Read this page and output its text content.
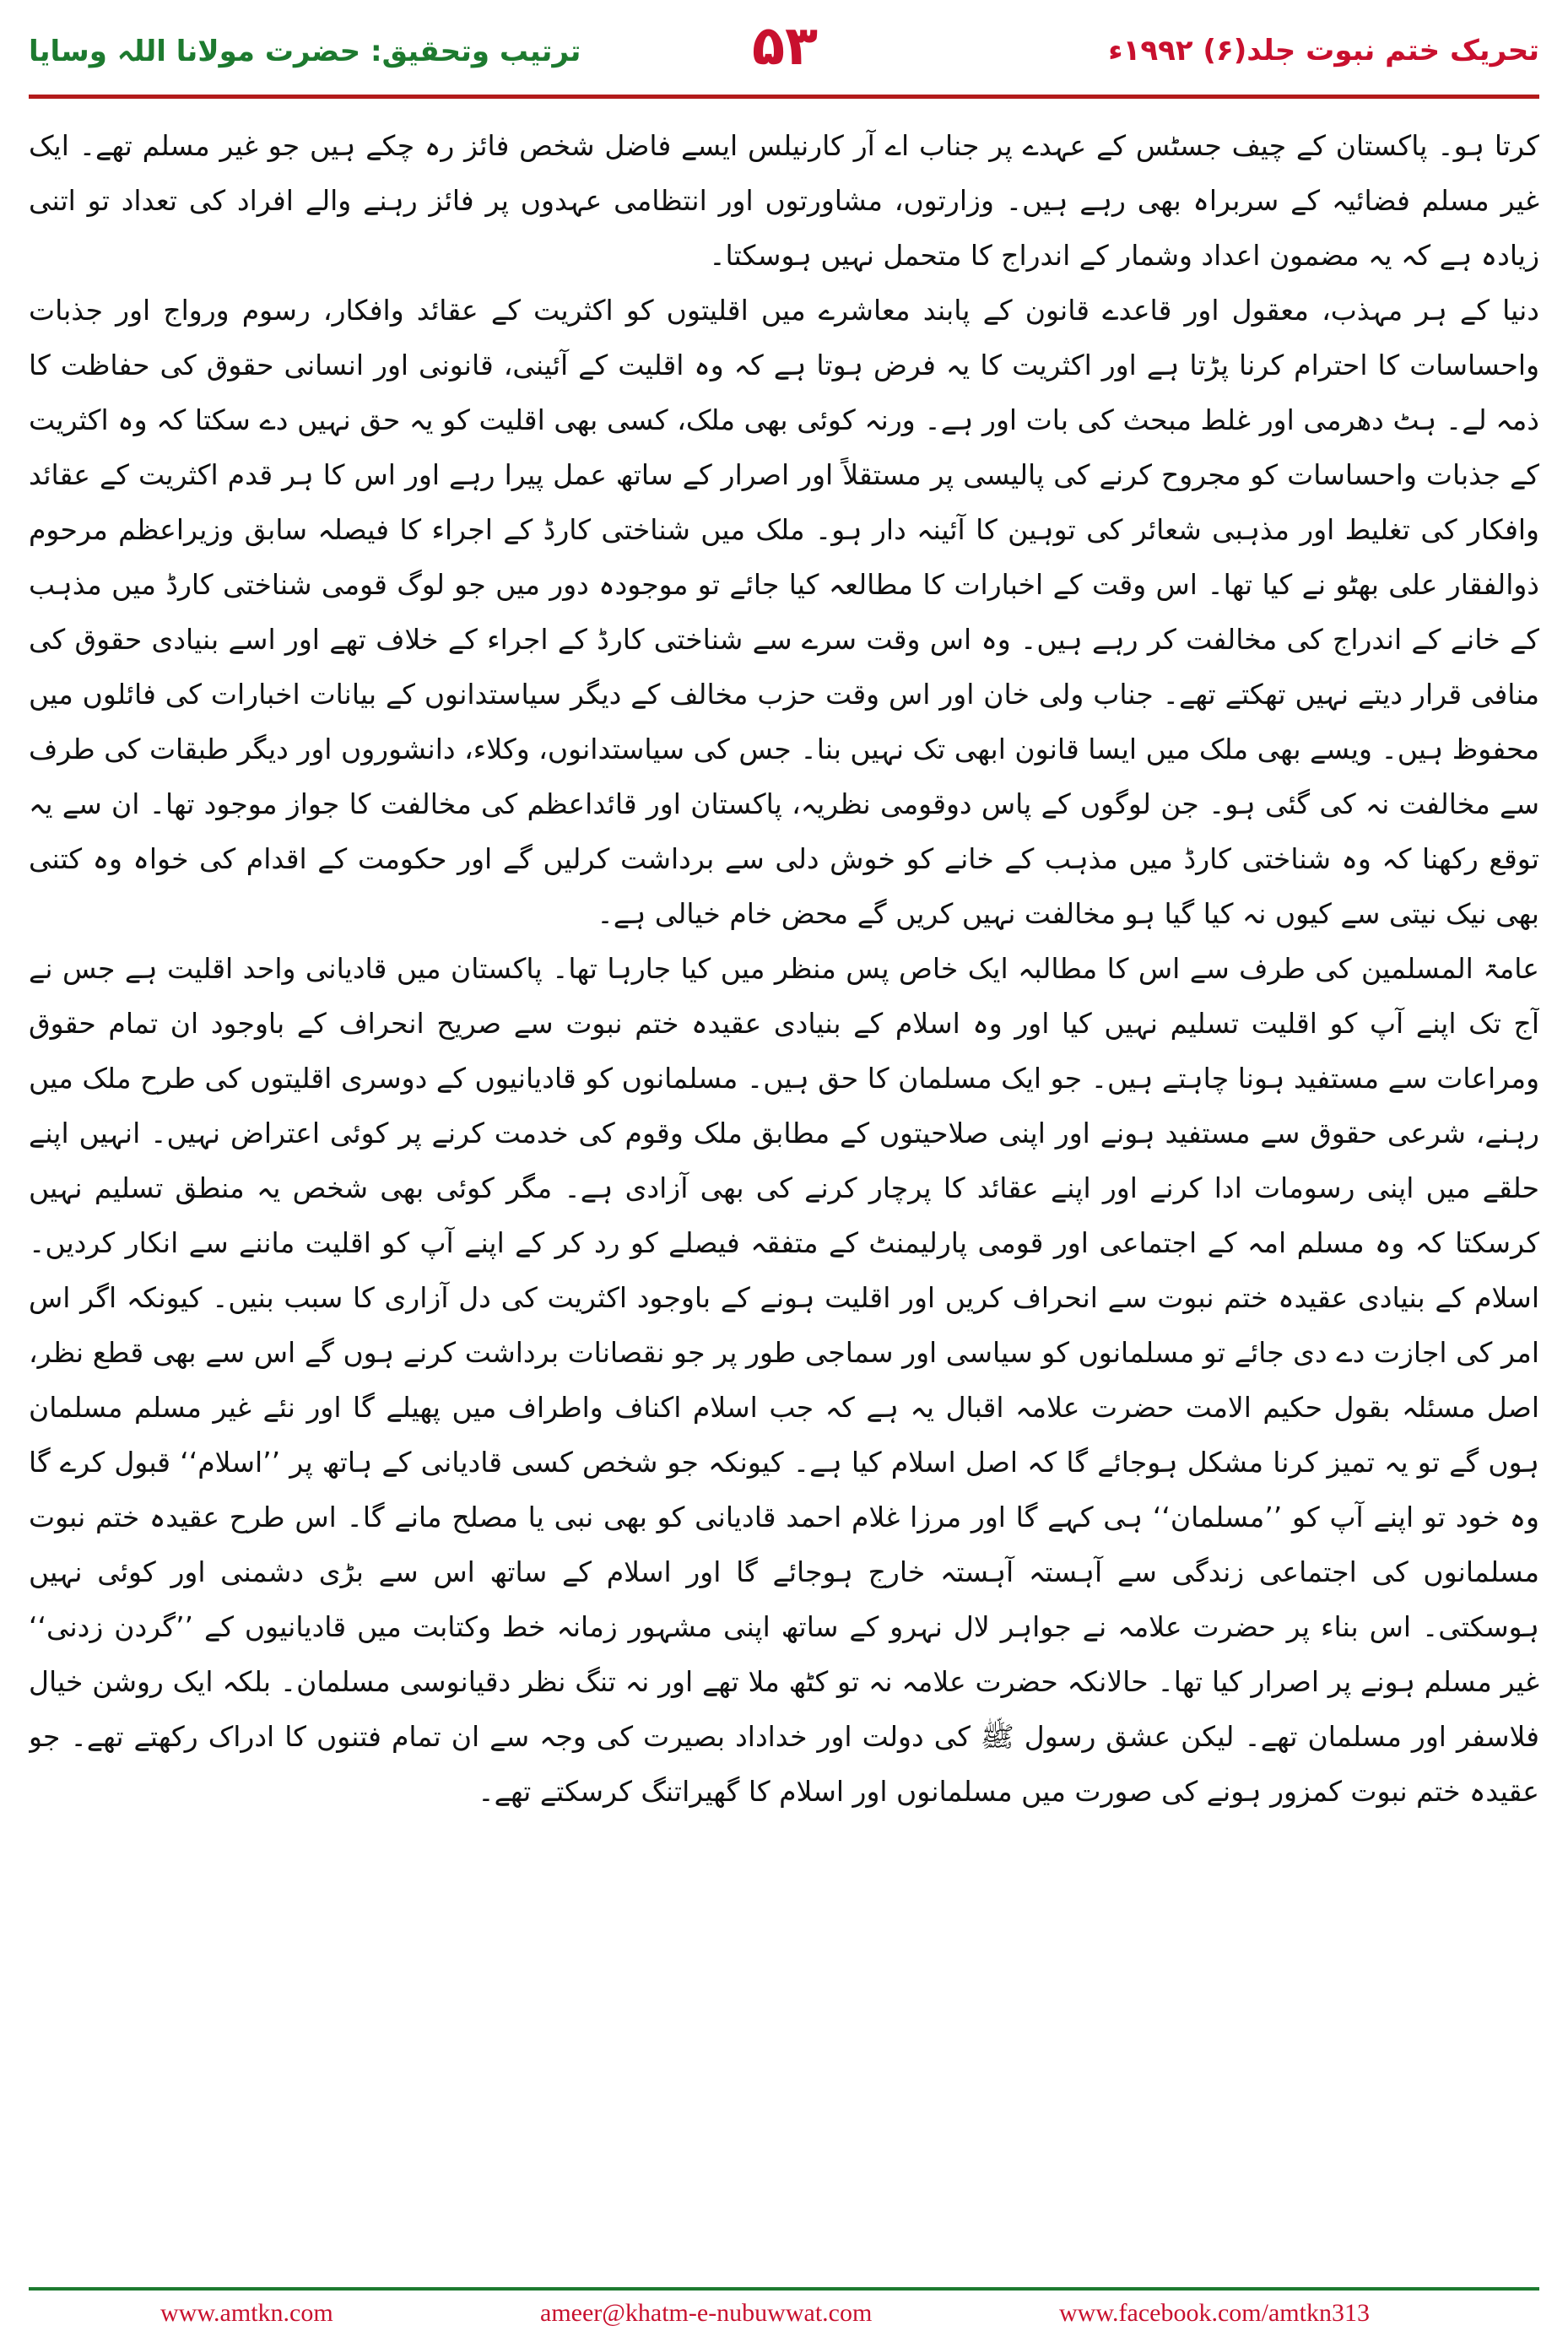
ترتیب وتحقیق: حضرت مولانا اللہ وسایا	۵۳	تحریک ختم نبوت جلد(۶) ۱۹۹۲ء

کرتا ہو۔ پاکستان کے چیف جسٹس کے عہدے پر جناب اے آر کارنیلس ایسے فاضل شخص فائز رہ چکے ہیں جو غیر مسلم تھے۔ ایک غیر مسلم فضائیہ کے سربراہ بھی رہے ہیں۔ وزارتوں، مشاورتوں اور انتظامی عہدوں پر فائز رہنے والے افراد کی تعداد تو اتنی زیادہ ہے کہ یہ مضمون اعداد وشمار کے اندراج کا متحمل نہیں ہوسکتا۔

دنیا کے ہر مہذب، معقول اور قاعدے قانون کے پابند معاشرے میں اقلیتوں کو اکثریت کے عقائد وافکار، رسوم ورواج اور جذبات واحساسات کا احترام کرنا پڑتا ہے اور اکثریت کا یہ فرض ہوتا ہے کہ وہ اقلیت کے آئینی، قانونی اور انسانی حقوق کی حفاظت کا ذمہ لے۔ ہٹ دھرمی اور غلط مبحث کی بات اور ہے۔ ورنہ کوئی بھی ملک، کسی بھی اقلیت کو یہ حق نہیں دے سکتا کہ وہ اکثریت کے جذبات واحساسات کو مجروح کرنے کی پالیسی پر مستقلاً اور اصرار کے ساتھ عمل پیرا رہے اور اس کا ہر قدم اکثریت کے عقائد وافکار کی تغلیط اور مذہبی شعائر کی توہین کا آئینہ دار ہو۔ ملک میں شناختی کارڈ کے اجراء کا فیصلہ سابق وزیراعظم مرحوم ذوالفقار علی بھٹو نے کیا تھا۔ اس وقت کے اخبارات کا مطالعہ کیا جائے تو موجودہ دور میں جو لوگ قومی شناختی کارڈ میں مذہب کے خانے کے اندراج کی مخالفت کر رہے ہیں۔ وہ اس وقت سرے سے شناختی کارڈ کے اجراء کے خلاف تھے اور اسے بنیادی حقوق کی منافی قرار دیتے نہیں تھکتے تھے۔ جناب ولی خان اور اس وقت حزب مخالف کے دیگر سیاستدانوں کے بیانات اخبارات کی فائلوں میں محفوظ ہیں۔ ویسے بھی ملک میں ایسا قانون ابھی تک نہیں بنا۔ جس کی سیاستدانوں، وکلاء، دانشوروں اور دیگر طبقات کی طرف سے مخالفت نہ کی گئی ہو۔ جن لوگوں کے پاس دوقومی نظریہ، پاکستان اور قائداعظم کی مخالفت کا جواز موجود تھا۔ ان سے یہ توقع رکھنا کہ وہ شناختی کارڈ میں مذہب کے خانے کو خوش دلی سے برداشت کرلیں گے اور حکومت کے اقدام کی خواہ وہ کتنی بھی نیک نیتی سے کیوں نہ کیا گیا ہو مخالفت نہیں کریں گے محض خام خیالی ہے۔

عامۃ المسلمین کی طرف سے اس کا مطالبہ ایک خاص پس منظر میں کیا جارہا تھا۔ پاکستان میں قادیانی واحد اقلیت ہے جس نے آج تک اپنے آپ کو اقلیت تسلیم نہیں کیا اور وہ اسلام کے بنیادی عقیدہ ختم نبوت سے صریح انحراف کے باوجود ان تمام حقوق ومراعات سے مستفید ہونا چاہتے ہیں۔ جو ایک مسلمان کا حق ہیں۔ مسلمانوں کو قادیانیوں کے دوسری اقلیتوں کی طرح ملک میں رہنے، شرعی حقوق سے مستفید ہونے اور اپنی صلاحیتوں کے مطابق ملک وقوم کی خدمت کرنے پر کوئی اعتراض نہیں۔ انہیں اپنے حلقے میں اپنی رسومات ادا کرنے اور اپنے عقائد کا پرچار کرنے کی بھی آزادی ہے۔ مگر کوئی بھی شخص یہ منطق تسلیم نہیں کرسکتا کہ وہ مسلم امہ کے اجتماعی اور قومی پارلیمنٹ کے متفقہ فیصلے کو رد کر کے اپنے آپ کو اقلیت ماننے سے انکار کردیں۔ اسلام کے بنیادی عقیدہ ختم نبوت سے انحراف کریں اور اقلیت ہونے کے باوجود اکثریت کی دل آزاری کا سبب بنیں۔ کیونکہ اگر اس امر کی اجازت دے دی جائے تو مسلمانوں کو سیاسی اور سماجی طور پر جو نقصانات برداشت کرنے ہوں گے اس سے بھی قطع نظر، اصل مسئلہ بقول حکیم الامت حضرت علامہ اقبال یہ ہے کہ جب اسلام اکناف واطراف میں پھیلے گا اور نئے غیر مسلم مسلمان ہوں گے تو یہ تمیز کرنا مشکل ہوجائے گا کہ اصل اسلام کیا ہے۔ کیونکہ جو شخص کسی قادیانی کے ہاتھ پر ’’اسلام‘‘ قبول کرے گا وہ خود تو اپنے آپ کو ’’مسلمان‘‘ ہی کہے گا اور مرزا غلام احمد قادیانی کو بھی نبی یا مصلح مانے گا۔ اس طرح عقیدہ ختم نبوت مسلمانوں کی اجتماعی زندگی سے آہستہ آہستہ خارج ہوجائے گا اور اسلام کے ساتھ اس سے بڑی دشمنی اور کوئی نہیں ہوسکتی۔ اس بناء پر حضرت علامہ نے جواہر لال نہرو کے ساتھ اپنی مشہور زمانہ خط وکتابت میں قادیانیوں کے ’’گردن زدنی‘‘ غیر مسلم ہونے پر اصرار کیا تھا۔ حالانکہ حضرت علامہ نہ تو کٹھ ملا تھے اور نہ تنگ نظر دقیانوسی مسلمان۔ بلکہ ایک روشن خیال فلاسفر اور مسلمان تھے۔ لیکن عشق رسول ﷺ کی دولت اور خداداد بصیرت کی وجہ سے ان تمام فتنوں کا ادراک رکھتے تھے۔ جو عقیدہ ختم نبوت کمزور ہونے کی صورت میں مسلمانوں اور اسلام کا گھیراتنگ کرسکتے تھے۔

www.amtkn.com	ameer@khatm-e-nubuwwat.com	www.facebook.com/amtkn313
